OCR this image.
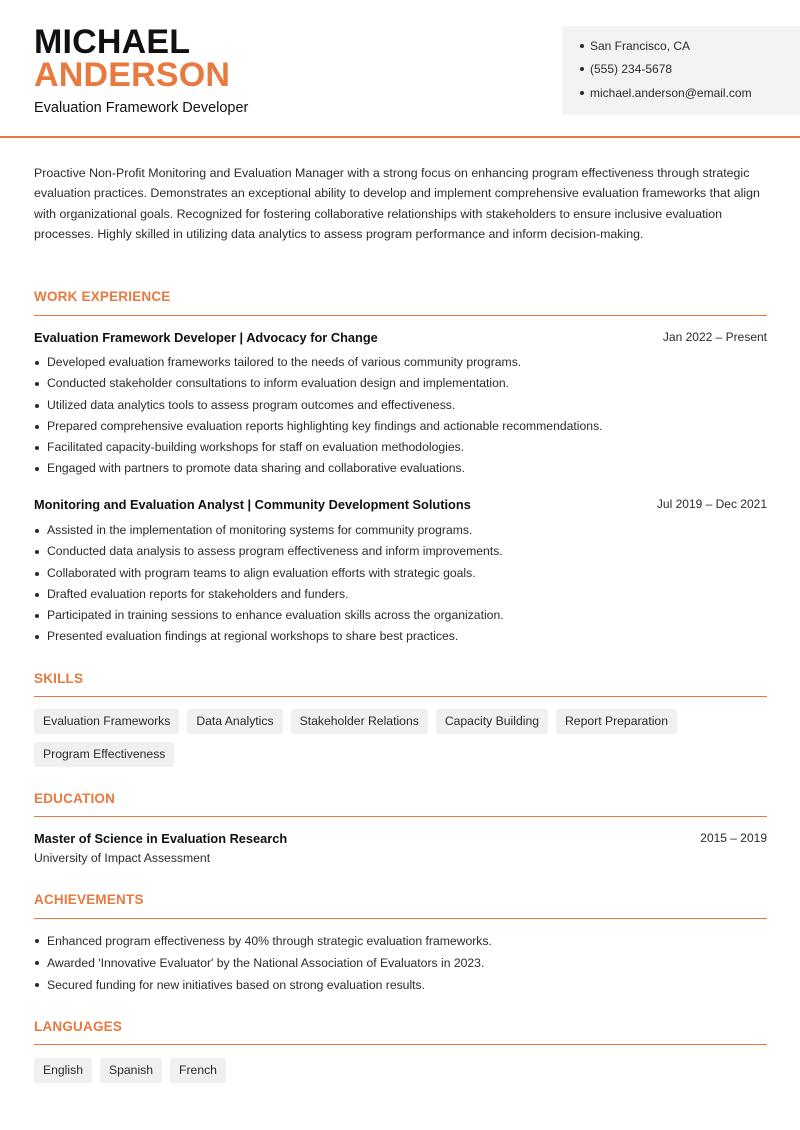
MICHAEL
ANDERSON
Evaluation Framework Developer
San Francisco, CA
(555) 234-5678
michael.anderson@email.com

Proactive Non-Profit Monitoring and Evaluation Manager with a strong focus on enhancing program effectiveness through strategic evaluation practices. Demonstrates an exceptional ability to develop and implement comprehensive evaluation frameworks that align with organizational goals. Recognized for fostering collaborative relationships with stakeholders to ensure inclusive evaluation processes. Highly skilled in utilizing data analytics to assess program performance and inform decision-making.

WORK EXPERIENCE
Evaluation Framework Developer | Advocacy for Change	Jan 2022 – Present
Developed evaluation frameworks tailored to the needs of various community programs.
Conducted stakeholder consultations to inform evaluation design and implementation.
Utilized data analytics tools to assess program outcomes and effectiveness.
Prepared comprehensive evaluation reports highlighting key findings and actionable recommendations.
Facilitated capacity-building workshops for staff on evaluation methodologies.
Engaged with partners to promote data sharing and collaborative evaluations.
Monitoring and Evaluation Analyst | Community Development Solutions	Jul 2019 – Dec 2021
Assisted in the implementation of monitoring systems for community programs.
Conducted data analysis to assess program effectiveness and inform improvements.
Collaborated with program teams to align evaluation efforts with strategic goals.
Drafted evaluation reports for stakeholders and funders.
Participated in training sessions to enhance evaluation skills across the organization.
Presented evaluation findings at regional workshops to share best practices.
SKILLS
Evaluation Frameworks	Data Analytics	Stakeholder Relations	Capacity Building	Report Preparation
Program Effectiveness
EDUCATION
Master of Science in Evaluation Research	2015 – 2019
University of Impact Assessment
ACHIEVEMENTS
Enhanced program effectiveness by 40% through strategic evaluation frameworks.
Awarded 'Innovative Evaluator' by the National Association of Evaluators in 2023.
Secured funding for new initiatives based on strong evaluation results.
LANGUAGES
English	Spanish	French
